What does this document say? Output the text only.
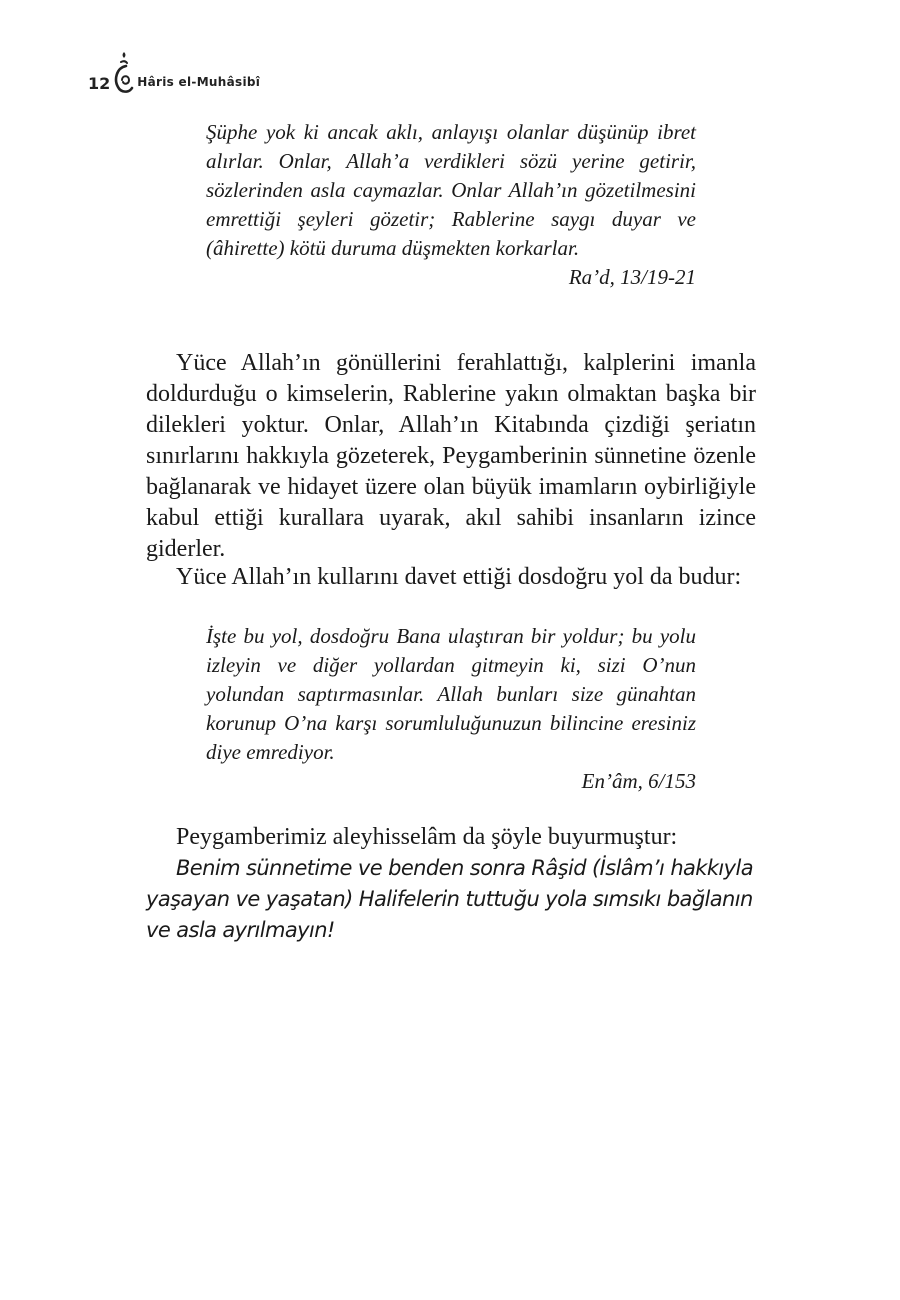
12 Hâris el-Muhâsibî

Şüphe yok ki ancak aklı, anlayışı olanlar düşünüp ibret alırlar. Onlar, Allah’a verdikleri sözü yerine getirir, sözlerinden asla caymazlar. Onlar Allah’ın gözetilmesini emrettiği şeyleri gözetir; Rablerine saygı duyar ve (âhirette) kötü duruma düşmekten korkarlar.

Ra’d, 13/19-21

Yüce Allah’ın gönüllerini ferahlattığı, kalplerini imanla doldurduğu o kimselerin, Rablerine yakın olmaktan başka bir dilekleri yoktur. Onlar, Allah’ın Kitabında çizdiği şeriatın sınırlarını hakkıyla gözeterek, Peygamberinin sünnetine özenle bağlanarak ve hidayet üzere olan büyük imamların oybirliğiyle kabul ettiği kurallara uyarak, akıl sahibi insanların izince giderler.

Yüce Allah’ın kullarını davet ettiği dosdoğru yol da budur:

İşte bu yol, dosdoğru Bana ulaştıran bir yoldur; bu yolu izleyin ve diğer yollardan gitmeyin ki, sizi O’nun yolundan saptırmasınlar. Allah bunları size günahtan korunup O’na karşı sorumluluğunuzun bilincine eresiniz diye emrediyor.

En’âm, 6/153

Peygamberimiz aleyhisselâm da şöyle buyurmuştur:

Benim sünnetime ve benden sonra Râşid (İslâm’ı hakkıyla yaşayan ve yaşatan) Halifelerin tuttuğu yola sımsıkı bağlanın ve asla ayrılmayın!
